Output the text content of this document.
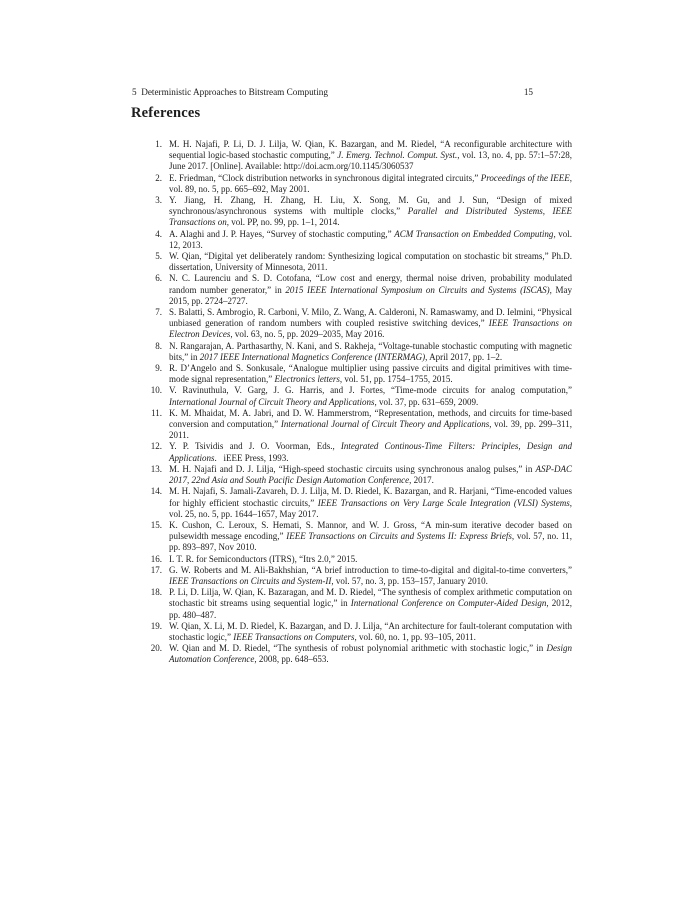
5  Deterministic Approaches to Bitstream Computing	15
References
1. M. H. Najafi, P. Li, D. J. Lilja, W. Qian, K. Bazargan, and M. Riedel, “A reconfigurable architecture with sequential logic-based stochastic computing,” J. Emerg. Technol. Comput. Syst., vol. 13, no. 4, pp. 57:1–57:28, June 2017. [Online]. Available: http://doi.acm.org/10.1145/3060537
2. E. Friedman, “Clock distribution networks in synchronous digital integrated circuits,” Proceedings of the IEEE, vol. 89, no. 5, pp. 665–692, May 2001.
3. Y. Jiang, H. Zhang, H. Zhang, H. Liu, X. Song, M. Gu, and J. Sun, “Design of mixed synchronous/asynchronous systems with multiple clocks,” Parallel and Distributed Systems, IEEE Transactions on, vol. PP, no. 99, pp. 1–1, 2014.
4. A. Alaghi and J. P. Hayes, “Survey of stochastic computing,” ACM Transaction on Embedded Computing, vol. 12, 2013.
5. W. Qian, “Digital yet deliberately random: Synthesizing logical computation on stochastic bit streams,” Ph.D. dissertation, University of Minnesota, 2011.
6. N. C. Laurenciu and S. D. Cotofana, “Low cost and energy, thermal noise driven, probability modulated random number generator,” in 2015 IEEE International Symposium on Circuits and Systems (ISCAS), May 2015, pp. 2724–2727.
7. S. Balatti, S. Ambrogio, R. Carboni, V. Milo, Z. Wang, A. Calderoni, N. Ramaswamy, and D. Ielmini, “Physical unbiased generation of random numbers with coupled resistive switching devices,” IEEE Transactions on Electron Devices, vol. 63, no. 5, pp. 2029–2035, May 2016.
8. N. Rangarajan, A. Parthasarthy, N. Kani, and S. Rakheja, “Voltage-tunable stochastic computing with magnetic bits,” in 2017 IEEE International Magnetics Conference (INTERMAG), April 2017, pp. 1–2.
9. R. D’Angelo and S. Sonkusale, “Analogue multiplier using passive circuits and digital primitives with time-mode signal representation,” Electronics letters, vol. 51, pp. 1754–1755, 2015.
10. V. Ravinuthula, V. Garg, J. G. Harris, and J. Fortes, “Time-mode circuits for analog computation,” International Journal of Circuit Theory and Applications, vol. 37, pp. 631–659, 2009.
11. K. M. Mhaidat, M. A. Jabri, and D. W. Hammerstrom, “Representation, methods, and circuits for time-based conversion and computation,” International Journal of Circuit Theory and Applications, vol. 39, pp. 299–311, 2011.
12. Y. P. Tsividis and J. O. Voorman, Eds., Integrated Continous-Time Filters: Principles, Design and Applications.  iEEE Press, 1993.
13. M. H. Najafi and D. J. Lilja, “High-speed stochastic circuits using synchronous analog pulses,” in ASP-DAC 2017, 22nd Asia and South Pacific Design Automation Conference, 2017.
14. M. H. Najafi, S. Jamali-Zavareh, D. J. Lilja, M. D. Riedel, K. Bazargan, and R. Harjani, “Time-encoded values for highly efficient stochastic circuits,” IEEE Transactions on Very Large Scale Integration (VLSI) Systems, vol. 25, no. 5, pp. 1644–1657, May 2017.
15. K. Cushon, C. Leroux, S. Hemati, S. Mannor, and W. J. Gross, “A min-sum iterative decoder based on pulsewidth message encoding,” IEEE Transactions on Circuits and Systems II: Express Briefs, vol. 57, no. 11, pp. 893–897, Nov 2010.
16. I. T. R. for Semiconductors (ITRS), “Itrs 2.0,” 2015.
17. G. W. Roberts and M. Ali-Bakhshian, “A brief introduction to time-to-digital and digital-to-time converters,” IEEE Transactions on Circuits and System-II, vol. 57, no. 3, pp. 153–157, January 2010.
18. P. Li, D. Lilja, W. Qian, K. Bazaragan, and M. D. Riedel, “The synthesis of complex arithmetic computation on stochastic bit streams using sequential logic,” in International Conference on Computer-Aided Design, 2012, pp. 480–487.
19. W. Qian, X. Li, M. D. Riedel, K. Bazargan, and D. J. Lilja, “An architecture for fault-tolerant computation with stochastic logic,” IEEE Transactions on Computers, vol. 60, no. 1, pp. 93–105, 2011.
20. W. Qian and M. D. Riedel, “The synthesis of robust polynomial arithmetic with stochastic logic,” in Design Automation Conference, 2008, pp. 648–653.
